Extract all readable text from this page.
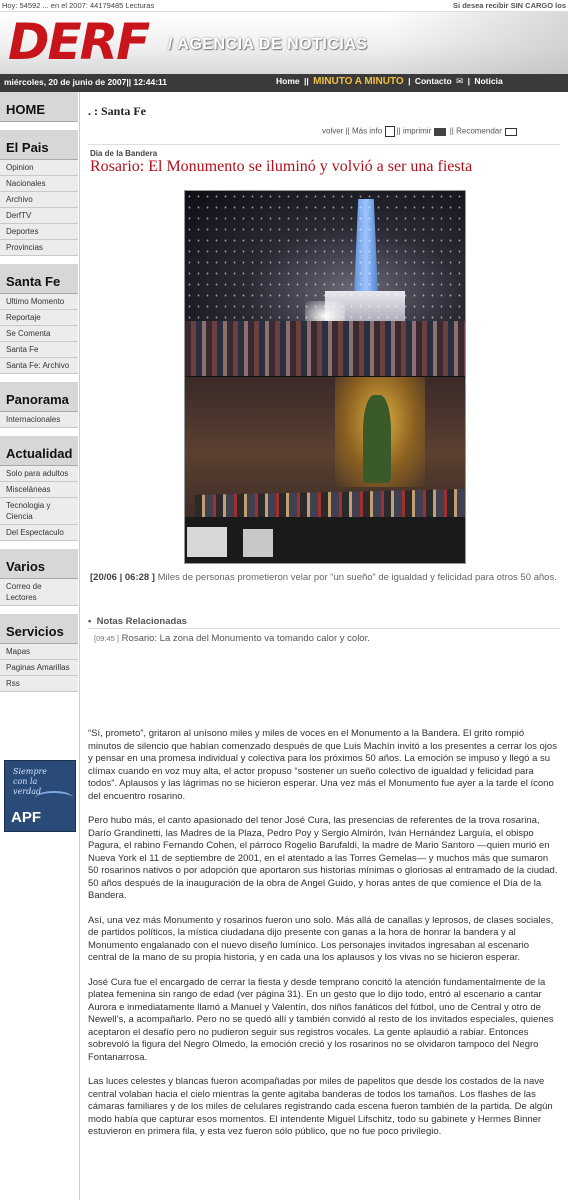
Hoy: 54592 ... en el 2007: 44179485 Lecturas	Si desea recibir SIN CARGO los
DERF / AGENCIA DE NOTICIAS
miércoles, 20 de junio de 2007|| 12:44:11	Home || MINUTO A MINUTO | Contacto ✉ | Noticia
HOME
El Pais
Opinion
Nacionales
Archivo
DerfTV
Deportes
Provincias
Santa Fe
Ultimo Momento
Reportaje
Se Comenta
Santa Fe
Santa Fe: Archivo
Panorama
Internacionales
Actualidad
Solo para adultos
Misceláneas
Tecnologia y Ciencia
Del Espectaculo
Varios
Correo de Lectores
Servicios
Mapas
Paginas Amarillas
Rss
Siempre
con la
verdad
APF
. : Santa Fe
volver || Más info || imprimir  || Recomendar
Día de la Bandera
Rosario: El Monumento se iluminó y volvió a ser una fiesta
[20/06 | 06:28 ] Miles de personas prometieron velar por “un sueño” de igualdad y felicidad para otros 50 años.
•  Notas Relacionadas
[09:45 ] Rosario: La zona del Monumento va tomando calor y color.

“Sí, prometo”, gritaron al unísono miles y miles de voces en el Monumento a la Bandera. El grito rompió minutos de silencio que habían comenzado después de que Luis Machín invitó a los presentes a cerrar los ojos y pensar en una promesa individual y colectiva para los próximos 50 años. La emoción se impuso y llegó a su clímax cuando en voz muy alta, el actor propuso “sostener un sueño colectivo de igualdad y felicidad para todos”. Aplausos y las lágrimas no se hicieron esperar. Una vez más el Monumento fue ayer a la tarde el ícono del encuentro rosarino.

Pero hubo más, el canto apasionado del tenor José Cura, las presencias de referentes de la trova rosarina, Darío Grandinetti, las Madres de la Plaza, Pedro Poy y Sergio Almirón, Iván Hernández Larguía, el obispo Pagura, el rabino Fernando Cohen, el párroco Rogelio Barufaldi, la madre de Mario Santoro —quien murió en Nueva York el 11 de septiembre de 2001, en el atentado a las Torres Gemelas— y muchos más que sumaron 50 rosarinos nativos o por adopción que aportaron sus historias mínimas o gloriosas al entramado de la ciudad. 50 años después de la inauguración de la obra de Angel Guido, y horas antes de que comience el Día de la Bandera.

Así, una vez más Monumento y rosarinos fueron uno solo. Más allá de canallas y leprosos, de clases sociales, de partidos políticos, la mística ciudadana dijo presente con ganas a la hora de honrar la bandera y al Monumento engalanado con el nuevo diseño lumínico. Los personajes invitados ingresaban al escenario central de la mano de su propia historia, y en cada una los aplausos y los vivas no se hicieron esperar.

José Cura fue el encargado de cerrar la fiesta y desde temprano concitó la atención fundamentalmente de la platea femenina sin rango de edad (ver página 31). En un gesto que lo dijo todo, entró al escenario a cantar Aurora e inmediatamente llamó a Manuel y Valentín, dos niños fanáticos del fútbol, uno de Central y otro de Newell’s, a acompañarlo. Pero no se quedó allí y también convidó al resto de los invitados especiales, quienes aceptaron el desafío pero no pudieron seguir sus registros vocales. La gente aplaudió a rabiar. Entonces sobrevoló la figura del Negro Olmedo, la emoción creció y los rosarinos no se olvidaron tampoco del Negro Fontanarrosa.

Las luces celestes y blancas fueron acompañadas por miles de papelitos que desde los costados de la nave central volaban hacia el cielo mientras la gente agitaba banderas de todos los tamaños. Los flashes de las cámaras familiares y de los miles de celulares registrando cada escena fueron también de la partida. De algún modo había que capturar esos momentos. El intendente Miguel Lifschitz, todo su gabinete y Hermes Binner estuvieron en primera fila, y esta vez fueron sólo público, que no fue poco privilegio.
